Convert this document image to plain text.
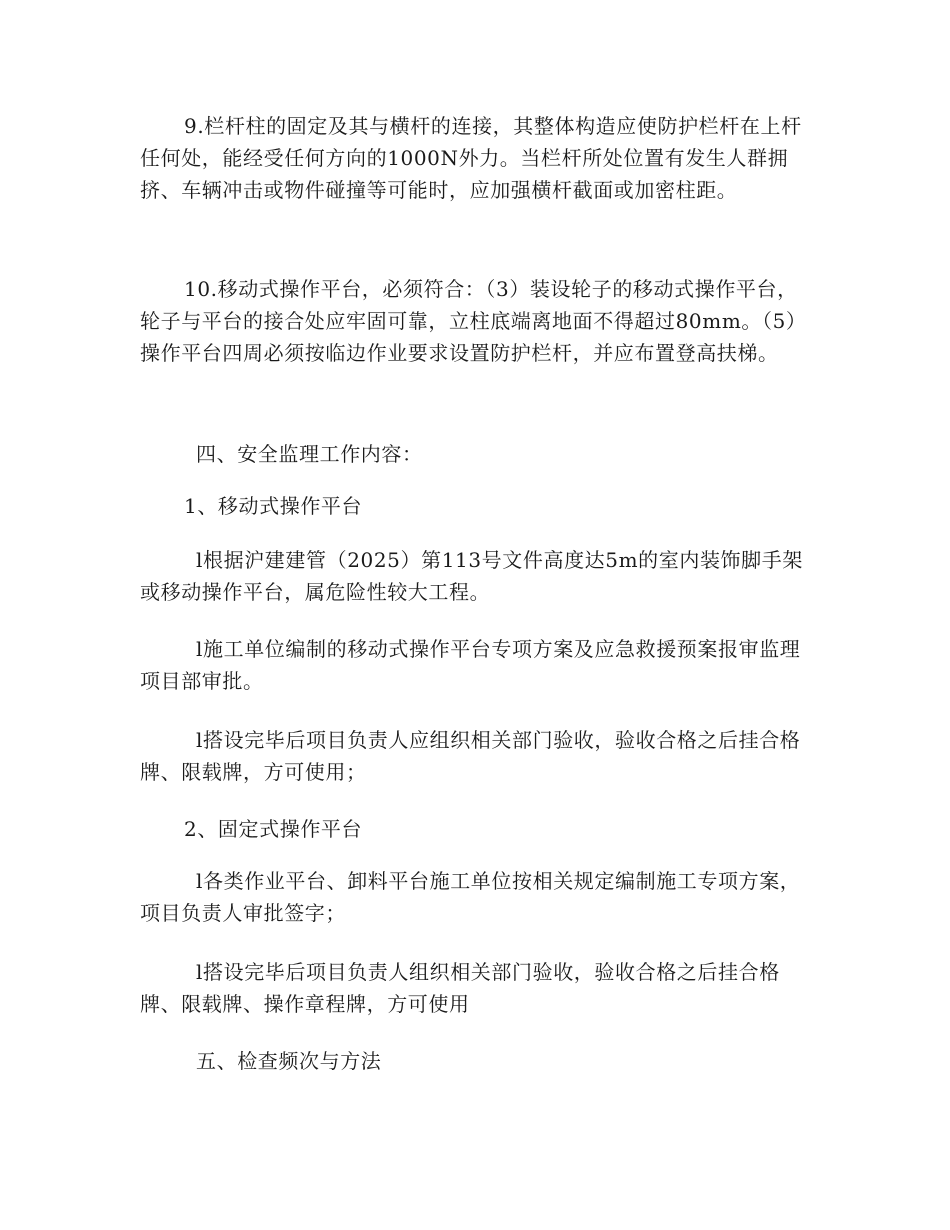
9.栏杆柱的固定及其与横杆的连接，其整体构造应使防护栏杆在上杆任何处，能经受任何方向的1000N外力。当栏杆所处位置有发生人群拥挤、车辆冲击或物件碰撞等可能时，应加强横杆截面或加密柱距。

10.移动式操作平台，必须符合：（3）装设轮子的移动式操作平台，轮子与平台的接合处应牢固可靠，立柱底端离地面不得超过80mm。（5）操作平台四周必须按临边作业要求设置防护栏杆，并应布置登高扶梯。

四、安全监理工作内容：

1、移动式操作平台

l根据沪建建管（2025）第113号文件高度达5m的室内装饰脚手架或移动操作平台，属危险性较大工程。

l施工单位编制的移动式操作平台专项方案及应急救援预案报审监理项目部审批。

l搭设完毕后项目负责人应组织相关部门验收，验收合格之后挂合格牌、限载牌，方可使用；

2、固定式操作平台

l各类作业平台、卸料平台施工单位按相关规定编制施工专项方案，项目负责人审批签字；

l搭设完毕后项目负责人组织相关部门验收，验收合格之后挂合格牌、限载牌、操作章程牌，方可使用

五、检查频次与方法
